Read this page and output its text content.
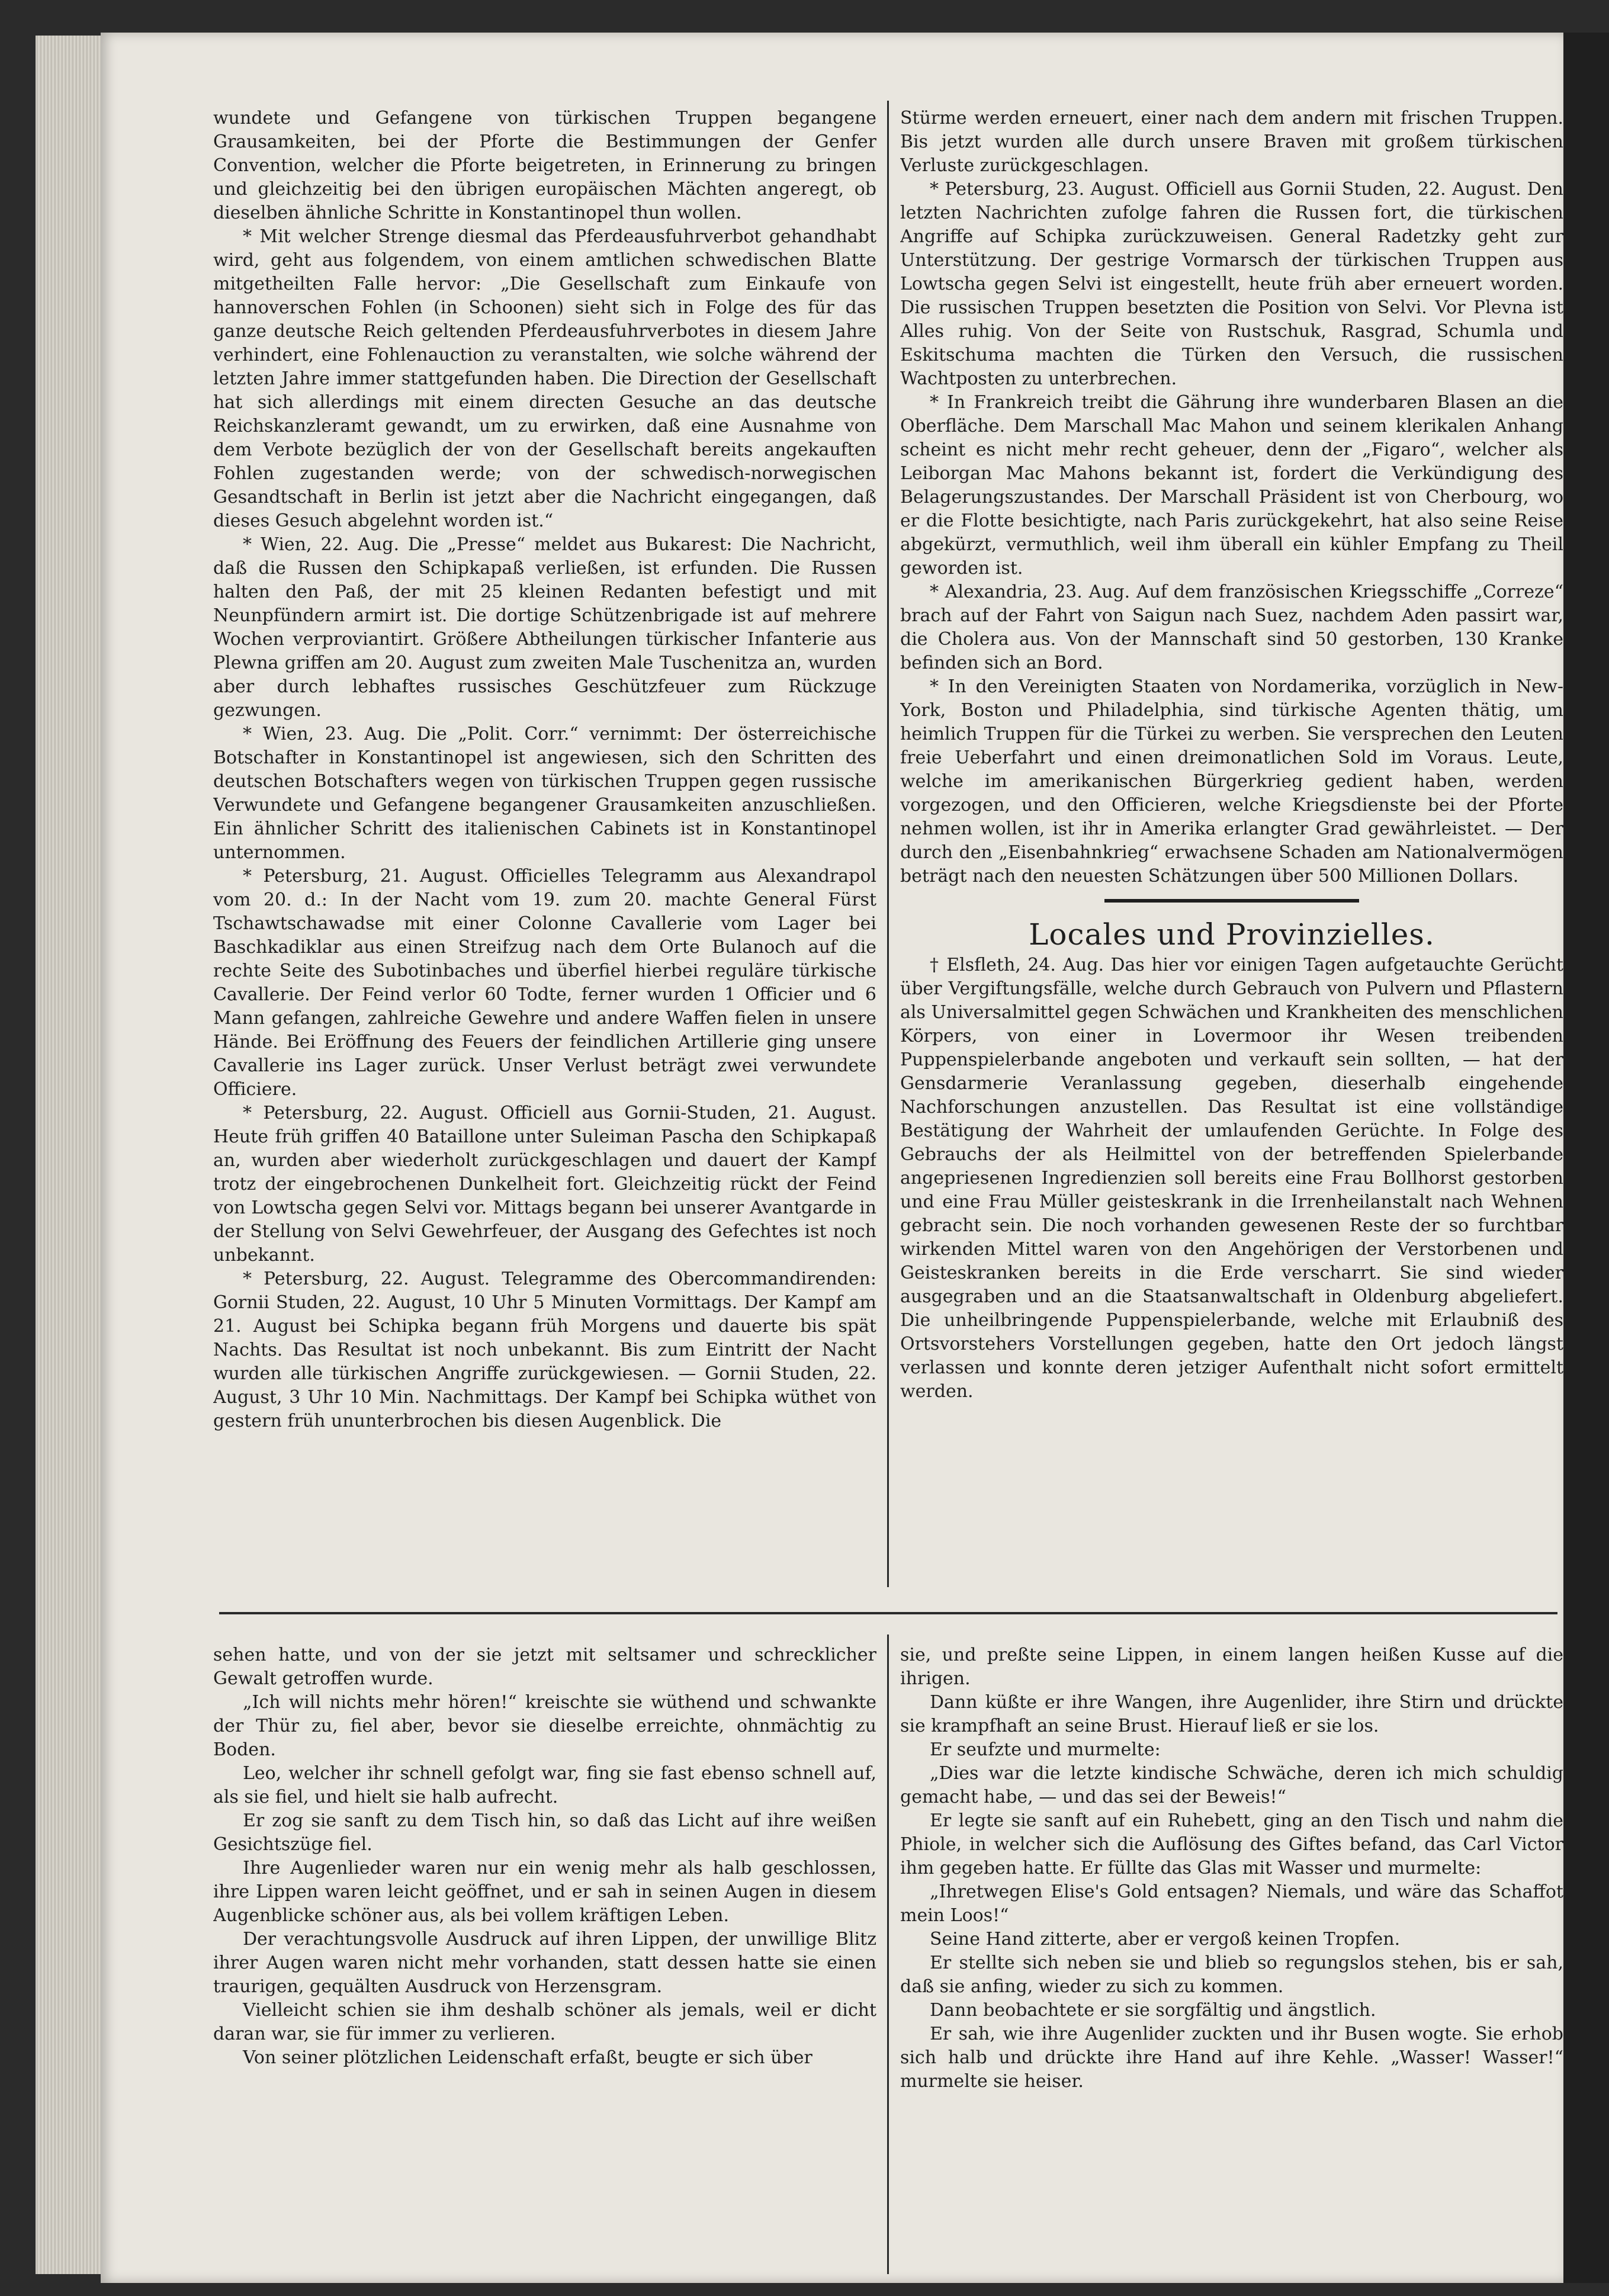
wundete und Gefangene von türkischen Truppen begangene Grausamkeiten, bei der Pforte die Bestimmungen der Genfer Convention, welcher die Pforte beigetreten, in Erinnerung zu bringen und gleichzeitig bei den übrigen europäischen Mächten angeregt, ob dieselben ähnliche Schritte in Konstantinopel thun wollen.

* Mit welcher Strenge diesmal das Pferdeausfuhrverbot gehandhabt wird, geht aus folgendem, von einem amtlichen schwedischen Blatte mitgetheilten Falle hervor: „Die Gesellschaft zum Einkaufe von hannoverschen Fohlen (in Schoonen) sieht sich in Folge des für das ganze deutsche Reich geltenden Pferdeausfuhrverbotes in diesem Jahre verhindert, eine Fohlenauction zu veranstalten, wie solche während der letzten Jahre immer stattgefunden haben. Die Direction der Gesellschaft hat sich allerdings mit einem directen Gesuche an das deutsche Reichskanzleramt gewandt, um zu erwirken, daß eine Ausnahme von dem Verbote bezüglich der von der Gesellschaft bereits angekauften Fohlen zugestanden werde; von der schwedisch-norwegischen Gesandtschaft in Berlin ist jetzt aber die Nachricht eingegangen, daß dieses Gesuch abgelehnt worden ist.“

* Wien, 22. Aug. Die „Presse“ meldet aus Bukarest: Die Nachricht, daß die Russen den Schipkapaß verließen, ist erfunden. Die Russen halten den Paß, der mit 25 kleinen Redanten befestigt und mit Neunpfündern armirt ist. Die dortige Schützenbrigade ist auf mehrere Wochen verproviantirt. Größere Abtheilungen türkischer Infanterie aus Plewna griffen am 20. August zum zweiten Male Tuschenitza an, wurden aber durch lebhaftes russisches Geschützfeuer zum Rückzuge gezwungen.

* Wien, 23. Aug. Die „Polit. Corr.“ vernimmt: Der österreichische Botschafter in Konstantinopel ist angewiesen, sich den Schritten des deutschen Botschafters wegen von türkischen Truppen gegen russische Verwundete und Gefangene begangener Grausamkeiten anzuschließen. Ein ähnlicher Schritt des italienischen Cabinets ist in Konstantinopel unternommen.

* Petersburg, 21. August. Officielles Telegramm aus Alexandrapol vom 20. d.: In der Nacht vom 19. zum 20. machte General Fürst Tschawtschawadse mit einer Colonne Cavallerie vom Lager bei Baschkadiklar aus einen Streifzug nach dem Orte Bulanoch auf die rechte Seite des Subotinbaches und überfiel hierbei reguläre türkische Cavallerie. Der Feind verlor 60 Todte, ferner wurden 1 Officier und 6 Mann gefangen, zahlreiche Gewehre und andere Waffen fielen in unsere Hände. Bei Eröffnung des Feuers der feindlichen Artillerie ging unsere Cavallerie ins Lager zurück. Unser Verlust beträgt zwei verwundete Officiere.

* Petersburg, 22. August. Officiell aus Gornii-Studen, 21. August. Heute früh griffen 40 Bataillone unter Suleiman Pascha den Schipkapaß an, wurden aber wiederholt zurückgeschlagen und dauert der Kampf trotz der eingebrochenen Dunkelheit fort. Gleichzeitig rückt der Feind von Lowtscha gegen Selvi vor. Mittags begann bei unserer Avantgarde in der Stellung von Selvi Gewehrfeuer, der Ausgang des Gefechtes ist noch unbekannt.

* Petersburg, 22. August. Telegramme des Obercommandirenden: Gornii Studen, 22. August, 10 Uhr 5 Minuten Vormittags. Der Kampf am 21. August bei Schipka begann früh Morgens und dauerte bis spät Nachts. Das Resultat ist noch unbekannt. Bis zum Eintritt der Nacht wurden alle türkischen Angriffe zurückgewiesen. — Gornii Studen, 22. August, 3 Uhr 10 Min. Nachmittags. Der Kampf bei Schipka wüthet von gestern früh ununterbrochen bis diesen Augenblick. Die

Stürme werden erneuert, einer nach dem andern mit frischen Truppen. Bis jetzt wurden alle durch unsere Braven mit großem türkischen Verluste zurückgeschlagen.

* Petersburg, 23. August. Officiell aus Gornii Studen, 22. August. Den letzten Nachrichten zufolge fahren die Russen fort, die türkischen Angriffe auf Schipka zurückzuweisen. General Radetzky geht zur Unterstützung. Der gestrige Vormarsch der türkischen Truppen aus Lowtscha gegen Selvi ist eingestellt, heute früh aber erneuert worden. Die russischen Truppen besetzten die Position von Selvi. Vor Plevna ist Alles ruhig. Von der Seite von Rustschuk, Rasgrad, Schumla und Eskitschuma machten die Türken den Versuch, die russischen Wachtposten zu unterbrechen.

* In Frankreich treibt die Gährung ihre wunderbaren Blasen an die Oberfläche. Dem Marschall Mac Mahon und seinem klerikalen Anhang scheint es nicht mehr recht geheuer, denn der „Figaro“, welcher als Leiborgan Mac Mahons bekannt ist, fordert die Verkündigung des Belagerungszustandes. Der Marschall Präsident ist von Cherbourg, wo er die Flotte besichtigte, nach Paris zurückgekehrt, hat also seine Reise abgekürzt, vermuthlich, weil ihm überall ein kühler Empfang zu Theil geworden ist.

* Alexandria, 23. Aug. Auf dem französischen Kriegsschiffe „Correze“ brach auf der Fahrt von Saigun nach Suez, nachdem Aden passirt war, die Cholera aus. Von der Mannschaft sind 50 gestorben, 130 Kranke befinden sich an Bord.

* In den Vereinigten Staaten von Nordamerika, vorzüglich in New-York, Boston und Philadelphia, sind türkische Agenten thätig, um heimlich Truppen für die Türkei zu werben. Sie versprechen den Leuten freie Ueberfahrt und einen dreimonatlichen Sold im Voraus. Leute, welche im amerikanischen Bürgerkrieg gedient haben, werden vorgezogen, und den Officieren, welche Kriegsdienste bei der Pforte nehmen wollen, ist ihr in Amerika erlangter Grad gewährleistet. — Der durch den „Eisenbahnkrieg“ erwachsene Schaden am Nationalvermögen beträgt nach den neuesten Schätzungen über 500 Millionen Dollars.

Locales und Provinzielles.

† Elsfleth, 24. Aug. Das hier vor einigen Tagen aufgetauchte Gerücht über Vergiftungsfälle, welche durch Gebrauch von Pulvern und Pflastern als Universalmittel gegen Schwächen und Krankheiten des menschlichen Körpers, von einer in Lovermoor ihr Wesen treibenden Puppenspielerbande angeboten und verkauft sein sollten, — hat der Gensdarmerie Veranlassung gegeben, dieserhalb eingehende Nachforschungen anzustellen. Das Resultat ist eine vollständige Bestätigung der Wahrheit der umlaufenden Gerüchte. In Folge des Gebrauchs der als Heilmittel von der betreffenden Spielerbande angepriesenen Ingredienzien soll bereits eine Frau Bollhorst gestorben und eine Frau Müller geisteskrank in die Irrenheilanstalt nach Wehnen gebracht sein. Die noch vorhanden gewesenen Reste der so furchtbar wirkenden Mittel waren von den Angehörigen der Verstorbenen und Geisteskranken bereits in die Erde verscharrt. Sie sind wieder ausgegraben und an die Staatsanwaltschaft in Oldenburg abgeliefert. Die unheilbringende Puppenspielerbande, welche mit Erlaubniß des Ortsvorstehers Vorstellungen gegeben, hatte den Ort jedoch längst verlassen und konnte deren jetziger Aufenthalt nicht sofort ermittelt werden.

sehen hatte, und von der sie jetzt mit seltsamer und schrecklicher Gewalt getroffen wurde.

„Ich will nichts mehr hören!“ kreischte sie wüthend und schwankte der Thür zu, fiel aber, bevor sie dieselbe erreichte, ohnmächtig zu Boden.

Leo, welcher ihr schnell gefolgt war, fing sie fast ebenso schnell auf, als sie fiel, und hielt sie halb aufrecht.

Er zog sie sanft zu dem Tisch hin, so daß das Licht auf ihre weißen Gesichtszüge fiel.

Ihre Augenlieder waren nur ein wenig mehr als halb geschlossen, ihre Lippen waren leicht geöffnet, und er sah in seinen Augen in diesem Augenblicke schöner aus, als bei vollem kräftigen Leben.

Der verachtungsvolle Ausdruck auf ihren Lippen, der unwillige Blitz ihrer Augen waren nicht mehr vorhanden, statt dessen hatte sie einen traurigen, gequälten Ausdruck von Herzensgram.

Vielleicht schien sie ihm deshalb schöner als jemals, weil er dicht daran war, sie für immer zu verlieren.

Von seiner plötzlichen Leidenschaft erfaßt, beugte er sich über

sie, und preßte seine Lippen, in einem langen heißen Kusse auf die ihrigen.

Dann küßte er ihre Wangen, ihre Augenlider, ihre Stirn und drückte sie krampfhaft an seine Brust. Hierauf ließ er sie los.

Er seufzte und murmelte:

„Dies war die letzte kindische Schwäche, deren ich mich schuldig gemacht habe, — und das sei der Beweis!“

Er legte sie sanft auf ein Ruhebett, ging an den Tisch und nahm die Phiole, in welcher sich die Auflösung des Giftes befand, das Carl Victor ihm gegeben hatte. Er füllte das Glas mit Wasser und murmelte:

„Ihretwegen Elise's Gold entsagen? Niemals, und wäre das Schaffot mein Loos!“

Seine Hand zitterte, aber er vergoß keinen Tropfen.

Er stellte sich neben sie und blieb so regungslos stehen, bis er sah, daß sie anfing, wieder zu sich zu kommen.

Dann beobachtete er sie sorgfältig und ängstlich.

Er sah, wie ihre Augenlider zuckten und ihr Busen wogte. Sie erhob sich halb und drückte ihre Hand auf ihre Kehle. „Wasser! Wasser!“ murmelte sie heiser.
